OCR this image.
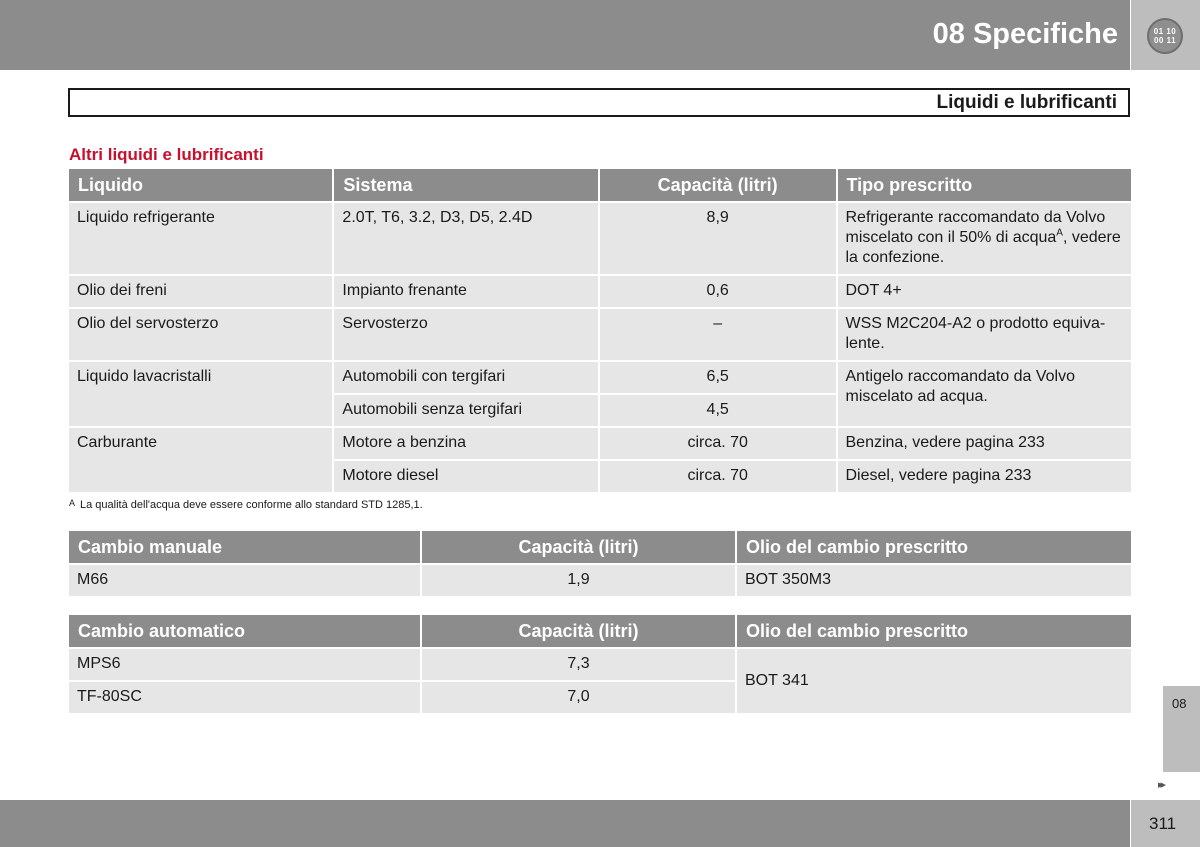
08 Specifiche	01 10
00 11
Liquidi e lubrificanti
Altri liquidi e lubrificanti
Liquido	Sistema	Capacità (litri)	Tipo prescritto
Liquido refrigerante	2.0T, T6, 3.2, D3, D5, 2.4D	8,9	Refrigerante raccomandato da Volvo miscelato con il 50% di acqua$^A$, vedere la confezione.
Olio dei freni	Impianto frenante	0,6	DOT 4+
Olio del servosterzo	Servosterzo	–	WSS M2C204-A2 o prodotto equiva-lente.
Liquido lavacristalli	Automobili con tergifari	6,5	Antigelo raccomandato da Volvo miscelato ad acqua.
	Automobili senza tergifari	4,5	
Carburante	Motore a benzina	circa. 70	Benzina, vedere pagina 233
	Motore diesel	circa. 70	Diesel, vedere pagina 233
A La qualità dell'acqua deve essere conforme allo standard STD 1285,1.
Cambio manuale	Capacità (litri)	Olio del cambio prescritto
M66	1,9	BOT 350M3
Cambio automatico	Capacità (litri)	Olio del cambio prescritto
MPS6	7,3	BOT 341
TF-80SC	7,0		08
▸▸
311
